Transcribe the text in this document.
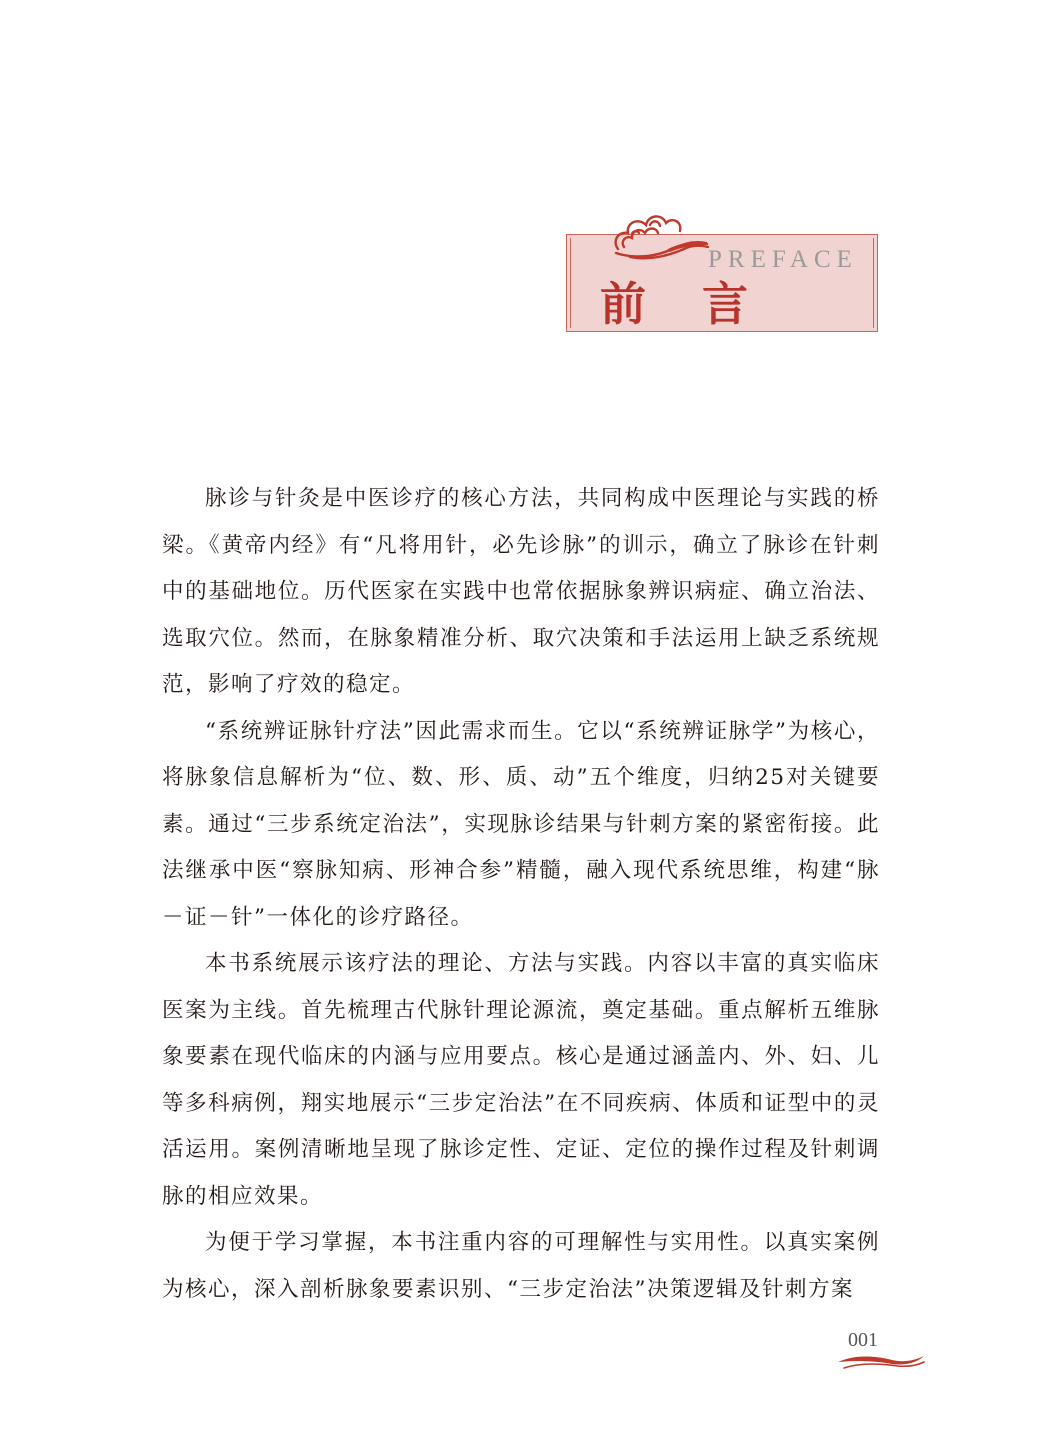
PREFACE
前 言

脉诊与针灸是中医诊疗的核心方法，共同构成中医理论与实践的桥梁。《黄帝内经》有“凡将用针，必先诊脉”的训示，确立了脉诊在针刺中的基础地位。历代医家在实践中也常依据脉象辨识病症、确立治法、选取穴位。然而，在脉象精准分析、取穴决策和手法运用上缺乏系统规范，影响了疗效的稳定。

“系统辨证脉针疗法”因此需求而生。它以“系统辨证脉学”为核心，将脉象信息解析为“位、数、形、质、动”五个维度，归纳25对关键要素。通过“三步系统定治法”，实现脉诊结果与针刺方案的紧密衔接。此法继承中医“察脉知病、形神合参”精髓，融入现代系统思维，构建“脉－证－针”一体化的诊疗路径。

本书系统展示该疗法的理论、方法与实践。内容以丰富的真实临床医案为主线。首先梳理古代脉针理论源流，奠定基础。重点解析五维脉象要素在现代临床的内涵与应用要点。核心是通过涵盖内、外、妇、儿等多科病例，翔实地展示“三步定治法”在不同疾病、体质和证型中的灵活运用。案例清晰地呈现了脉诊定性、定证、定位的操作过程及针刺调脉的相应效果。

为便于学习掌握，本书注重内容的可理解性与实用性。以真实案例为核心，深入剖析脉象要素识别、“三步定治法”决策逻辑及针刺方案

001
